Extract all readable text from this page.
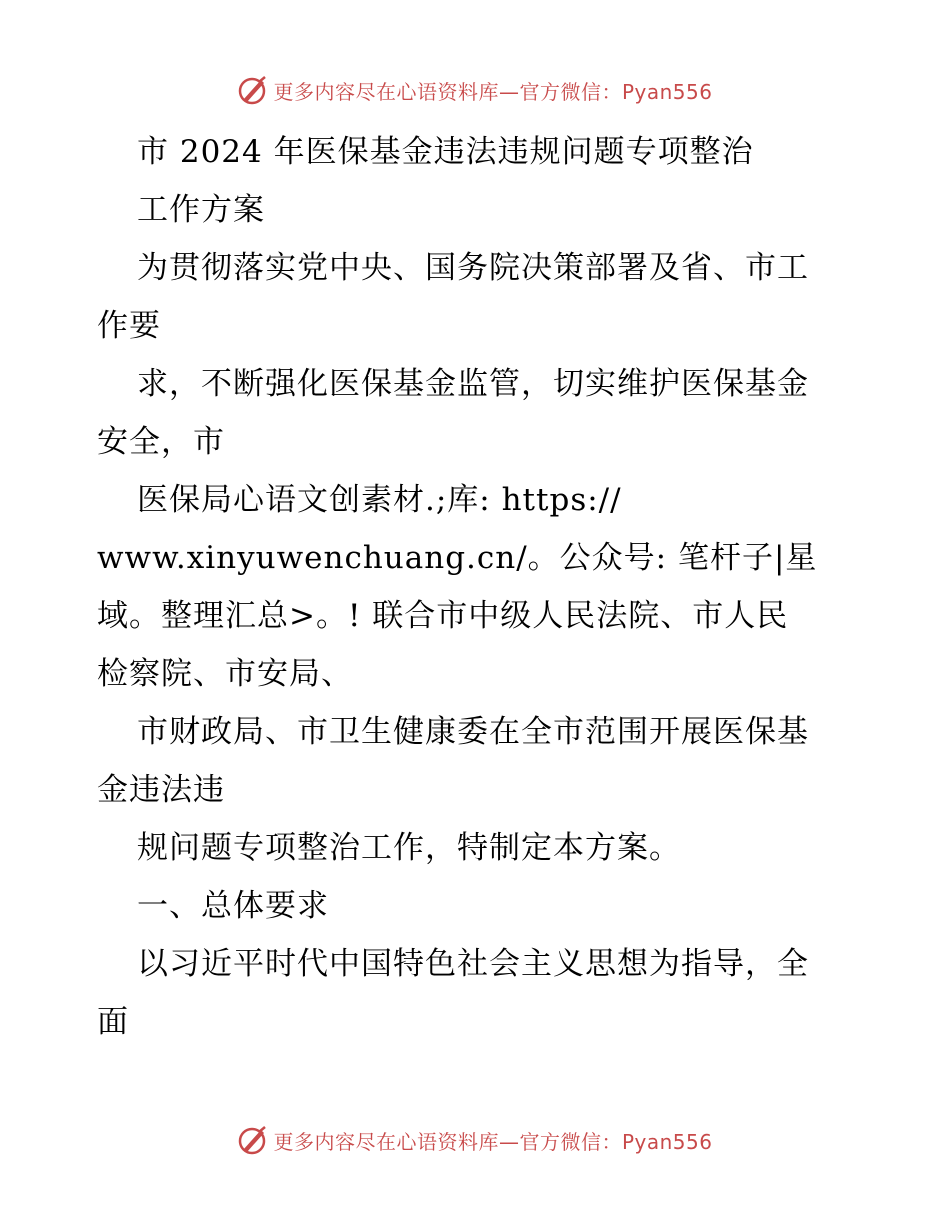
更多内容尽在心语资料库—官方微信：Pyan556
市 2024 年医保基金违法违规问题专项整治
工作方案
为贯彻落实党中央、国务院决策部署及省、市工
作要
求，不断强化医保基金监管，切实维护医保基金
安全，市
医保局心语文创素材.;库: https://
www.xinyuwenchuang.cn/。公众号: 笔杆子|星
域。整理汇总>。! 联合市中级人民法院、市人民
检察院、市安局、
市财政局、市卫生健康委在全市范围开展医保基
金违法违
规问题专项整治工作，特制定本方案。
一、总体要求
以习近平时代中国特色社会主义思想为指导，全
面
更多内容尽在心语资料库—官方微信：Pyan556
